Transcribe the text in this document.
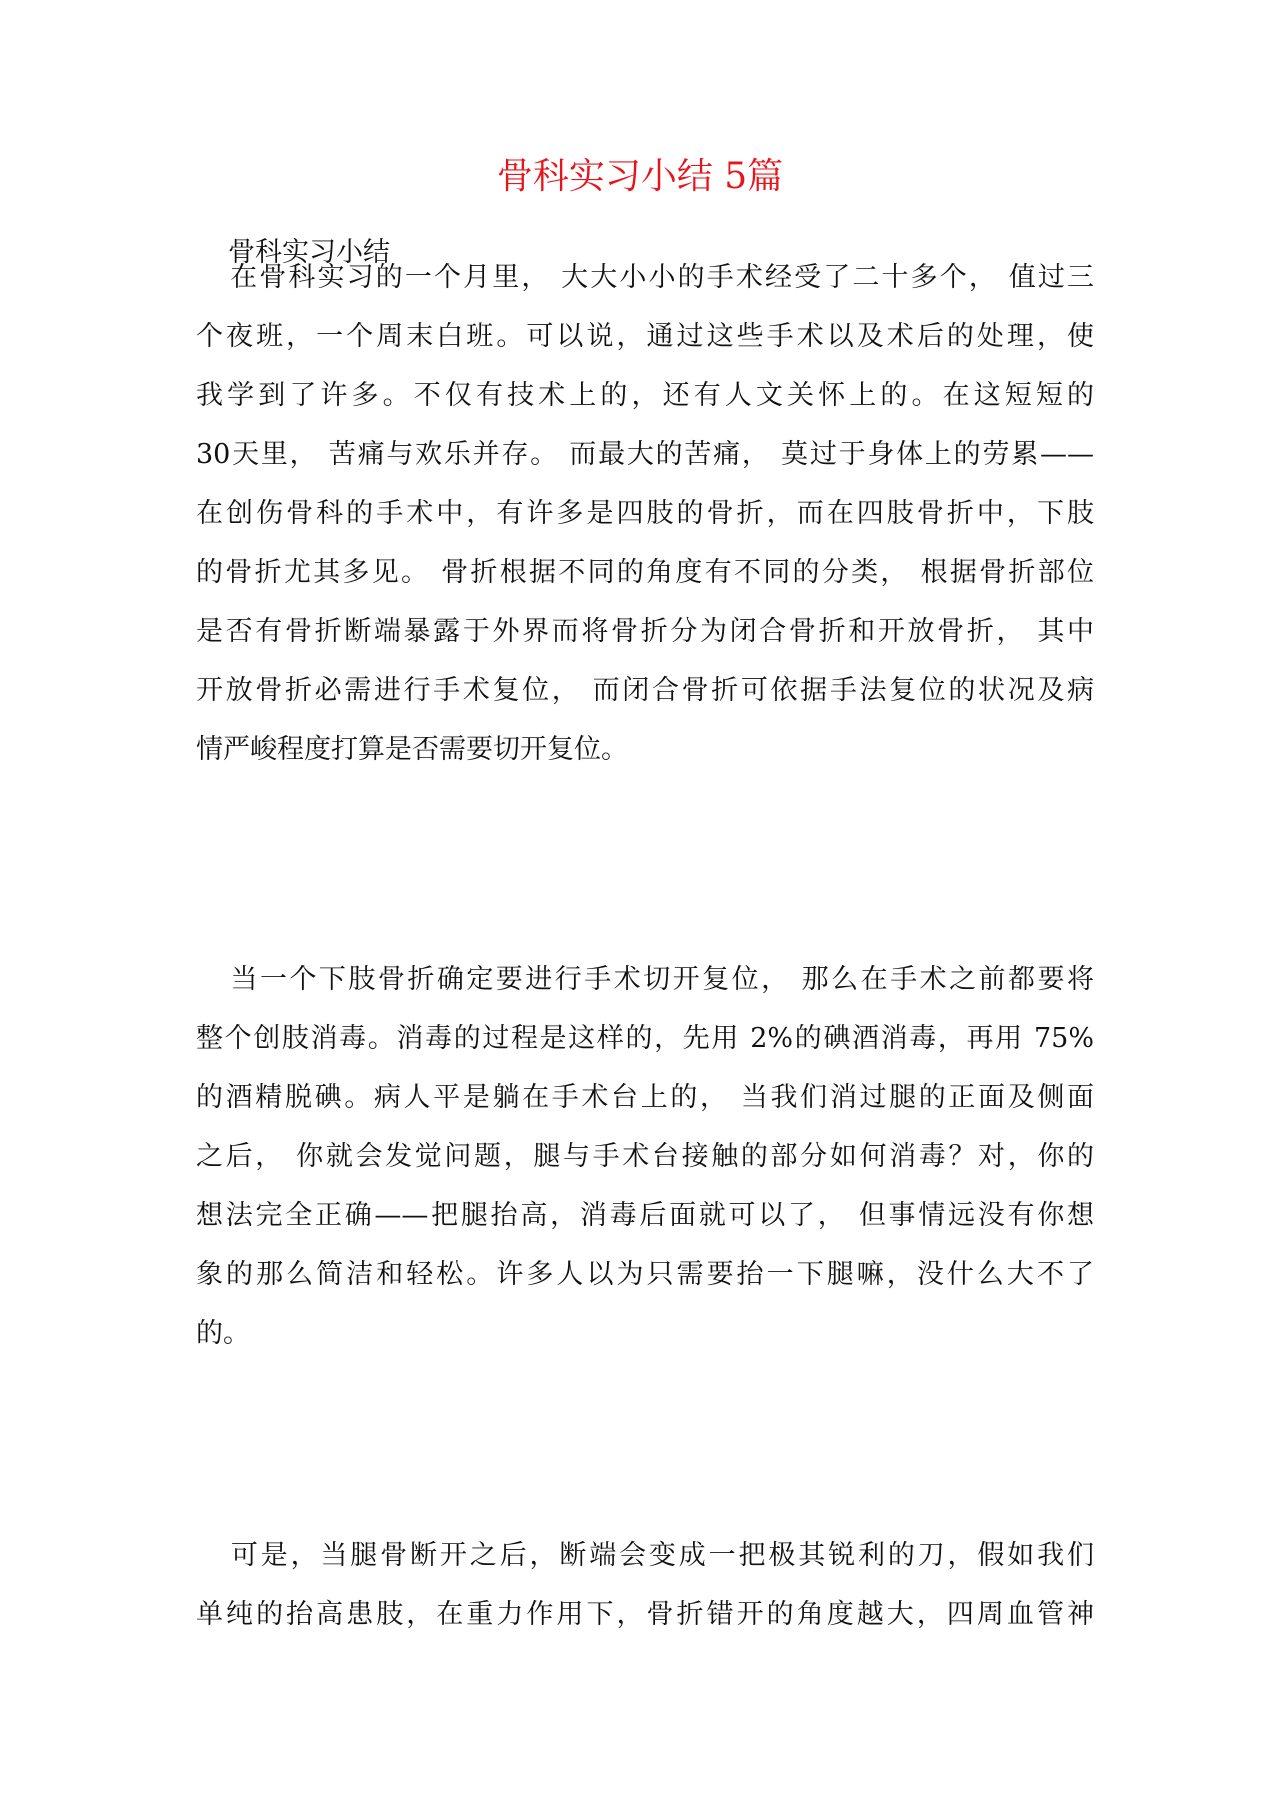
骨科实习小结 5篇
骨科实习小结
在骨科实习的一个月里， 大大小小的手术经受了二十多个， 值过三
个夜班，一个周末白班。可以说，通过这些手术以及术后的处理，使
我学到了许多。不仅有技术上的，还有人文关怀上的。在这短短的
30天里， 苦痛与欢乐并存。 而最大的苦痛， 莫过于身体上的劳累——
在创伤骨科的手术中，有许多是四肢的骨折，而在四肢骨折中，下肢
的骨折尤其多见。 骨折根据不同的角度有不同的分类， 根据骨折部位
是否有骨折断端暴露于外界而将骨折分为闭合骨折和开放骨折， 其中
开放骨折必需进行手术复位， 而闭合骨折可依据手法复位的状况及病
情严峻程度打算是否需要切开复位。
当一个下肢骨折确定要进行手术切开复位， 那么在手术之前都要将
整个创肢消毒。消毒的过程是这样的，先用 2%的碘酒消毒，再用 75%
的酒精脱碘。病人平是躺在手术台上的， 当我们消过腿的正面及侧面
之后， 你就会发觉问题，腿与手术台接触的部分如何消毒？对，你的
想法完全正确——把腿抬高，消毒后面就可以了， 但事情远没有你想
象的那么简洁和轻松。许多人以为只需要抬一下腿嘛，没什么大不了
的。
可是，当腿骨断开之后，断端会变成一把极其锐利的刀，假如我们
单纯的抬高患肢，在重力作用下，骨折错开的角度越大，四周血管神
